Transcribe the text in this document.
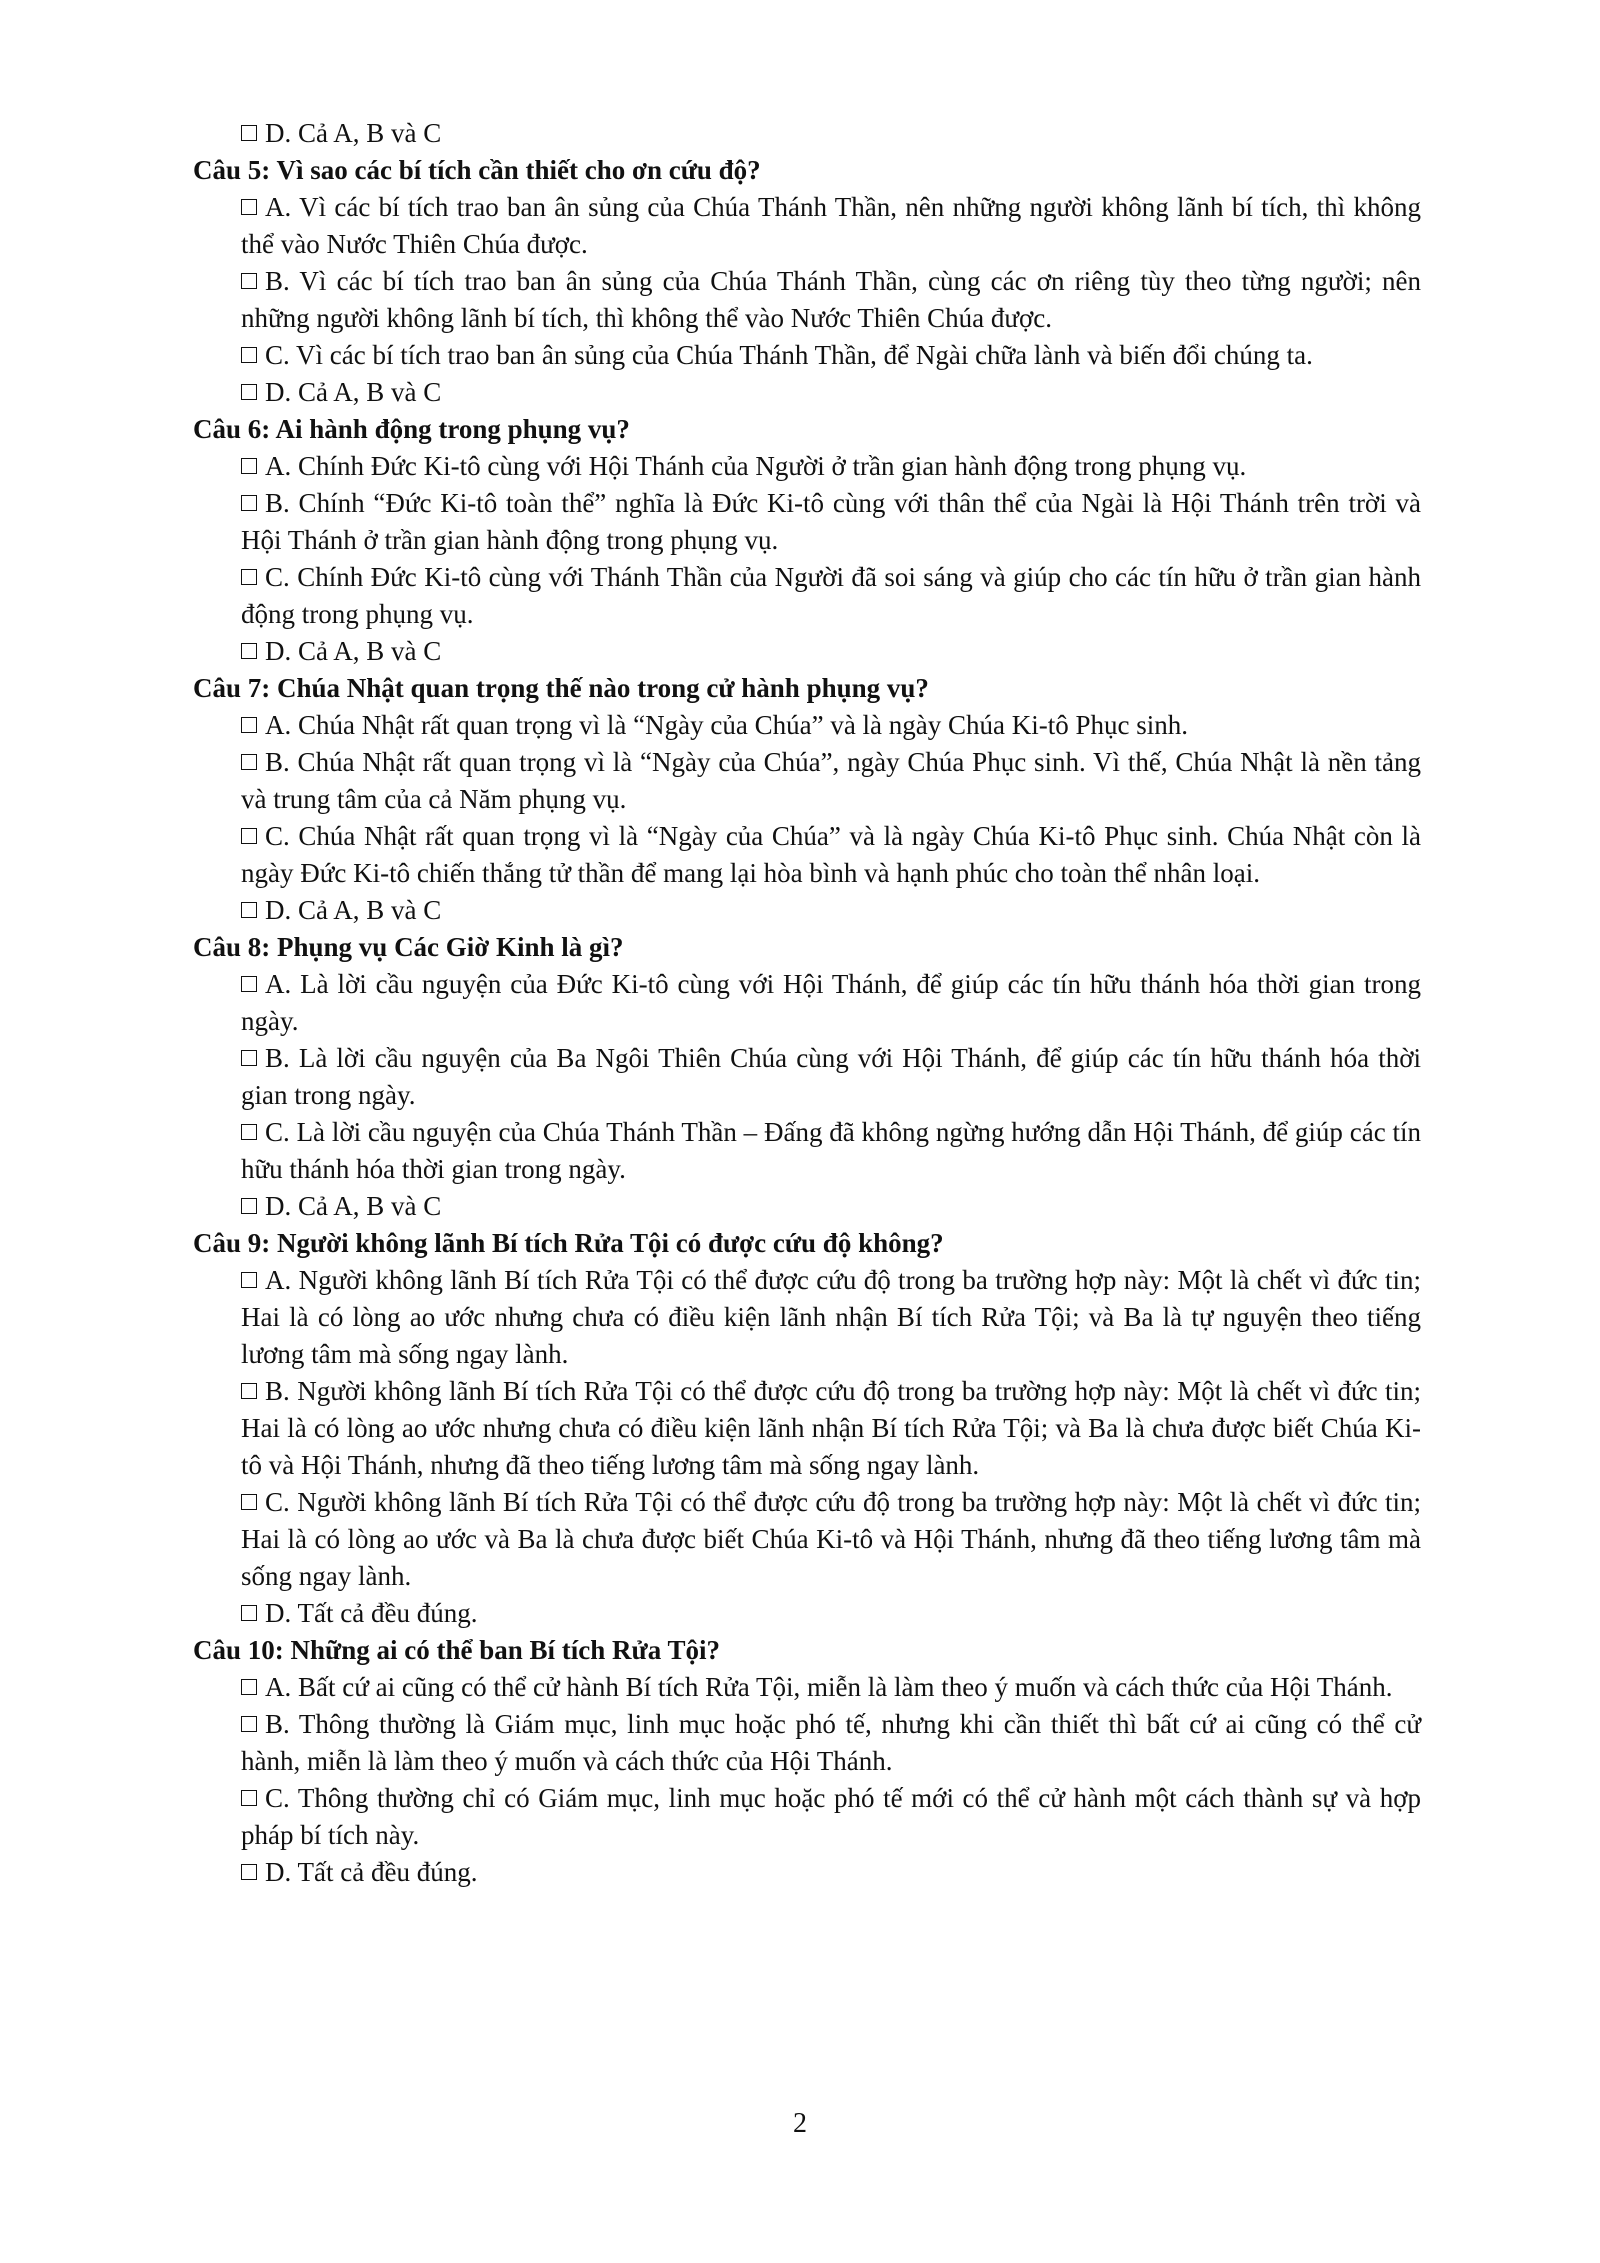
D. Cả A, B và C
Câu 5: Vì sao các bí tích cần thiết cho ơn cứu độ?
A. Vì các bí tích trao ban ân sủng của Chúa Thánh Thần, nên những người không lãnh bí tích, thì không thể vào Nước Thiên Chúa được.
B. Vì các bí tích trao ban ân sủng của Chúa Thánh Thần, cùng các ơn riêng tùy theo từng người; nên những người không lãnh bí tích, thì không thể vào Nước Thiên Chúa được.
C. Vì các bí tích trao ban ân sủng của Chúa Thánh Thần, để Ngài chữa lành và biến đổi chúng ta.
D. Cả A, B và C
Câu 6: Ai hành động trong phụng vụ?
A. Chính Đức Ki-tô cùng với Hội Thánh của Người ở trần gian hành động trong phụng vụ.
B. Chính “Đức Ki-tô toàn thể” nghĩa là Đức Ki-tô cùng với thân thể của Ngài là Hội Thánh trên trời và Hội Thánh ở trần gian hành động trong phụng vụ.
C. Chính Đức Ki-tô cùng với Thánh Thần của Người đã soi sáng và giúp cho các tín hữu ở trần gian hành động trong phụng vụ.
D. Cả A, B và C
Câu 7: Chúa Nhật quan trọng thế nào trong cử hành phụng vụ?
A. Chúa Nhật rất quan trọng vì là “Ngày của Chúa” và là ngày Chúa Ki-tô Phục sinh.
B. Chúa Nhật rất quan trọng vì là “Ngày của Chúa”, ngày Chúa Phục sinh. Vì thế, Chúa Nhật là nền tảng và trung tâm của cả Năm phụng vụ.
C. Chúa Nhật rất quan trọng vì là “Ngày của Chúa” và là ngày Chúa Ki-tô Phục sinh. Chúa Nhật còn là ngày Đức Ki-tô chiến thắng tử thần để mang lại hòa bình và hạnh phúc cho toàn thể nhân loại.
D. Cả A, B và C
Câu 8: Phụng vụ Các Giờ Kinh là gì?
A. Là lời cầu nguyện của Đức Ki-tô cùng với Hội Thánh, để giúp các tín hữu thánh hóa thời gian trong ngày.
B. Là lời cầu nguyện của Ba Ngôi Thiên Chúa cùng với Hội Thánh, để giúp các tín hữu thánh hóa thời gian trong ngày.
C. Là lời cầu nguyện của Chúa Thánh Thần – Đấng đã không ngừng hướng dẫn Hội Thánh, để giúp các tín hữu thánh hóa thời gian trong ngày.
D. Cả A, B và C
Câu 9: Người không lãnh Bí tích Rửa Tội có được cứu độ không?
A. Người không lãnh Bí tích Rửa Tội có thể được cứu độ trong ba trường hợp này: Một là chết vì đức tin; Hai là có lòng ao ước nhưng chưa có điều kiện lãnh nhận Bí tích Rửa Tội; và Ba là tự nguyện theo tiếng lương tâm mà sống ngay lành.
B. Người không lãnh Bí tích Rửa Tội có thể được cứu độ trong ba trường hợp này: Một là chết vì đức tin; Hai là có lòng ao ước nhưng chưa có điều kiện lãnh nhận Bí tích Rửa Tội; và Ba là chưa được biết Chúa Ki-tô và Hội Thánh, nhưng đã theo tiếng lương tâm mà sống ngay lành.
C. Người không lãnh Bí tích Rửa Tội có thể được cứu độ trong ba trường hợp này: Một là chết vì đức tin; Hai là có lòng ao ước và Ba là chưa được biết Chúa Ki-tô và Hội Thánh, nhưng đã theo tiếng lương tâm mà sống ngay lành.
D. Tất cả đều đúng.
Câu 10: Những ai có thể ban Bí tích Rửa Tội?
A. Bất cứ ai cũng có thể cử hành Bí tích Rửa Tội, miễn là làm theo ý muốn và cách thức của Hội Thánh.
B. Thông thường là Giám mục, linh mục hoặc phó tế, nhưng khi cần thiết thì bất cứ ai cũng có thể cử hành, miễn là làm theo ý muốn và cách thức của Hội Thánh.
C. Thông thường chỉ có Giám mục, linh mục hoặc phó tế mới có thể cử hành một cách thành sự và hợp pháp bí tích này.
D. Tất cả đều đúng.
2
